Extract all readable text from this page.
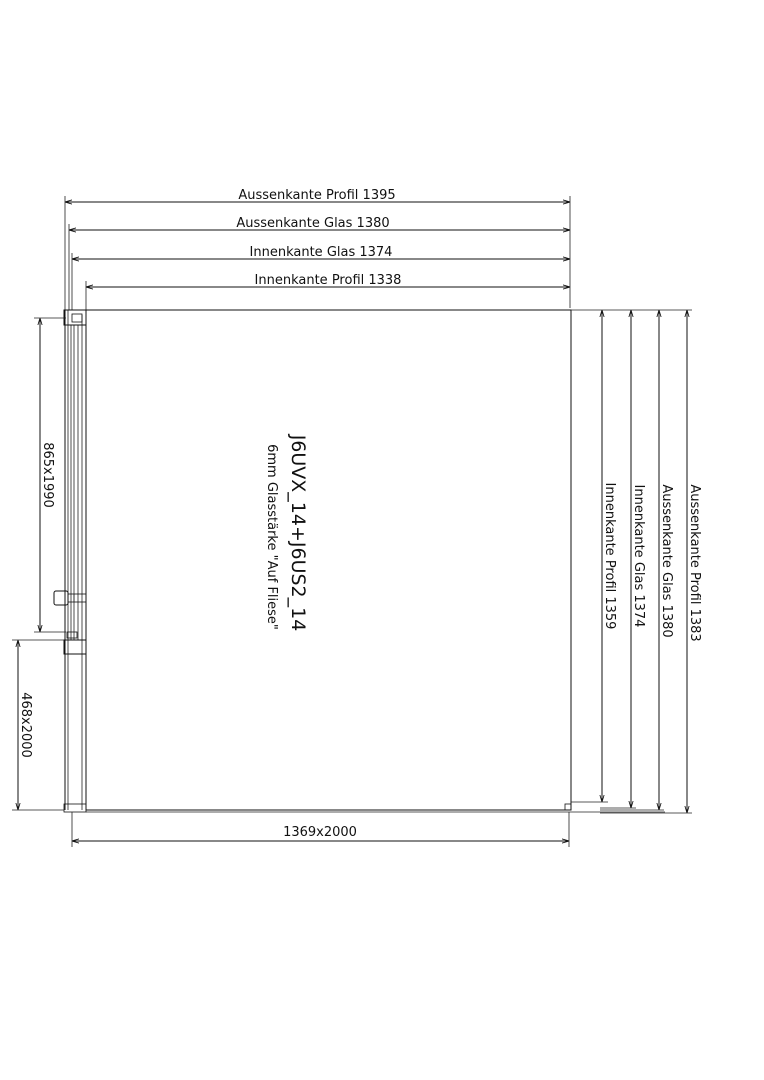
Aussenkante Profil 1395
Aussenkante Glas 1380
Innenkante Glas 1374
Innenkante Profil 1338
865x1990
468x2000
1369x2000
Innenkante Profil 1359 Innenkante Glas 1374 Aussenkante Glas 1380 Aussenkante Profil 1383
J6UVX_14+J6US2_14
6mm Glasstärke "Auf Fliese"
